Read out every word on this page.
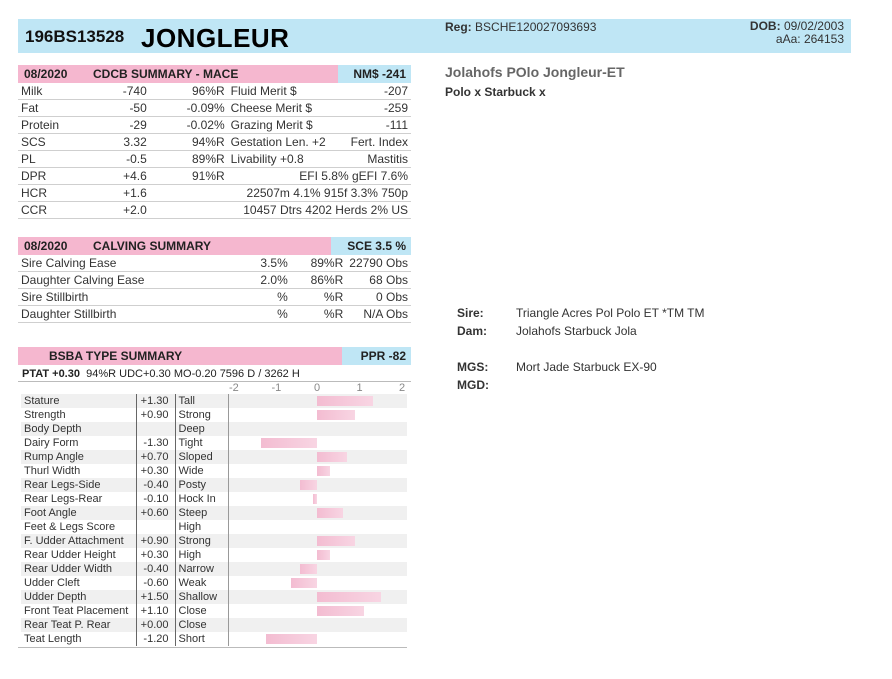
196BS13528 JONGLEUR	Reg: BSCHE120027093693	DOB: 09/02/2003
aAa: 264153
08/2020 CDCB SUMMARY - MACE	NM$ -241
Milk	-740	96%R	Fluid Merit $	-207
Fat	-50	-0.09%	Cheese Merit $	-259
Protein	-29	-0.02%	Grazing Merit $	-111
SCS	3.32	94%R	Gestation Len. +2	Fert. Index
PL	-0.5	89%R	Livability +0.8	Mastitis
DPR	+4.6	91%R	EFI 5.8% gEFI 7.6%	
HCR	+1.6		22507m 4.1% 915f 3.3% 750p	
CCR	+2.0		10457 Dtrs 4202 Herds 2% US	
08/2020 CALVING SUMMARY	SCE 3.5 %
Sire Calving Ease	3.5%	89%R	22790 Obs
Daughter Calving Ease	2.0%	86%R	68 Obs
Sire Stillbirth	%	%R	0 Obs
Daughter Stillbirth	%	%R	N/A Obs
BSBA TYPE SUMMARY	PPR -82
PTAT +0.30 94%R UDC+0.30 MO-0.20 7596 D / 3262 H
-2	-1	0	1	2
Stature	+1.30	Tall	

Strength	+0.90	Strong	

Body Depth		Deep	
Dairy Form	-1.30	Tight	

Rump Angle	+0.70	Sloped	

Thurl Width	+0.30	Wide	

Rear Legs-Side	-0.40	Posty	

Rear Legs-Rear	-0.10	Hock In	

Foot Angle	+0.60	Steep	

Feet & Legs Score		High	
F. Udder Attachment	+0.90	Strong	

Rear Udder Height	+0.30	High	

Rear Udder Width	-0.40	Narrow	

Udder Cleft	-0.60	Weak	

Udder Depth	+1.50	Shallow	

Front Teat Placement	+1.10	Close	

Rear Teat P. Rear	+0.00	Close	
Teat Length	-1.20	Short	
Jolahofs POlo Jongleur-ET
Polo x Starbuck x
Sire:	Triangle Acres Pol Polo ET *TM TM
Dam: Jolahofs Starbuck Jola
MGS: Mort Jade Starbuck EX-90
MGD:
